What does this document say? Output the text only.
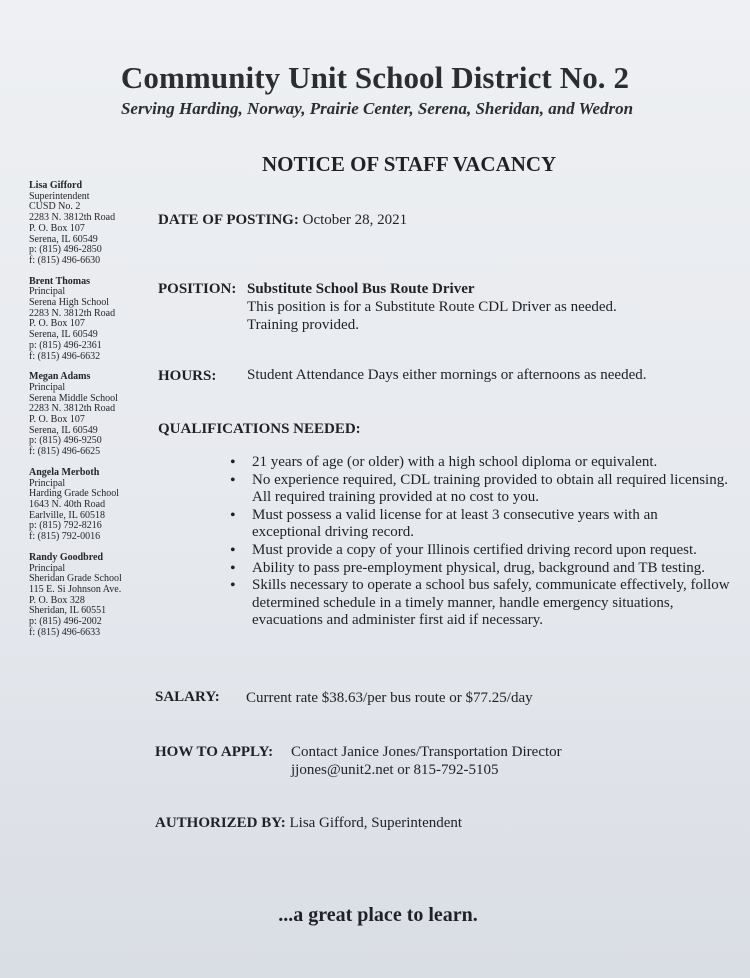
Community Unit School District No. 2
Serving Harding, Norway, Prairie Center, Serena, Sheridan, and Wedron
NOTICE OF STAFF VACANCY
Lisa Gifford
Superintendent
CUSD No. 2
2283 N. 3812th Road
P. O. Box 107
Serena, IL 60549
p: (815) 496-2850
f: (815) 496-6630
Brent Thomas
Principal
Serena High School
2283 N. 3812th Road
P. O. Box 107
Serena, IL 60549
p: (815) 496-2361
f: (815) 496-6632
Megan Adams
Principal
Serena Middle School
2283 N. 3812th Road
P. O. Box 107
Serena, IL 60549
p: (815) 496-9250
f: (815) 496-6625
Angela Merboth
Principal
Harding Grade School
1643 N. 40th Road
Earlville, IL 60518
p: (815) 792-8216
f: (815) 792-0016
Randy Goodbred
Principal
Sheridan Grade School
115 E. Si Johnson Ave.
P. O. Box 328
Sheridan, IL 60551
p: (815) 496-2002
f: (815) 496-6633
DATE OF POSTING: October 28, 2021
POSITION: Substitute School Bus Route Driver
This position is for a Substitute Route CDL Driver as needed.
Training provided.
HOURS: Student Attendance Days either mornings or afternoons as needed.
QUALIFICATIONS NEEDED:
• 21 years of age (or older) with a high school diploma or equivalent.
• No experience required, CDL training provided to obtain all required licensing. All required training provided at no cost to you.
• Must possess a valid license for at least 3 consecutive years with an exceptional driving record.
• Must provide a copy of your Illinois certified driving record upon request.
• Ability to pass pre-employment physical, drug, background and TB testing.
• Skills necessary to operate a school bus safely, communicate effectively, follow determined schedule in a timely manner, handle emergency situations, evacuations and administer first aid if necessary.
SALARY: Current rate $38.63/per bus route or $77.25/day
HOW TO APPLY: Contact Janice Jones/Transportation Director
jjones@unit2.net or 815-792-5105
AUTHORIZED BY: Lisa Gifford, Superintendent
...a great place to learn.
